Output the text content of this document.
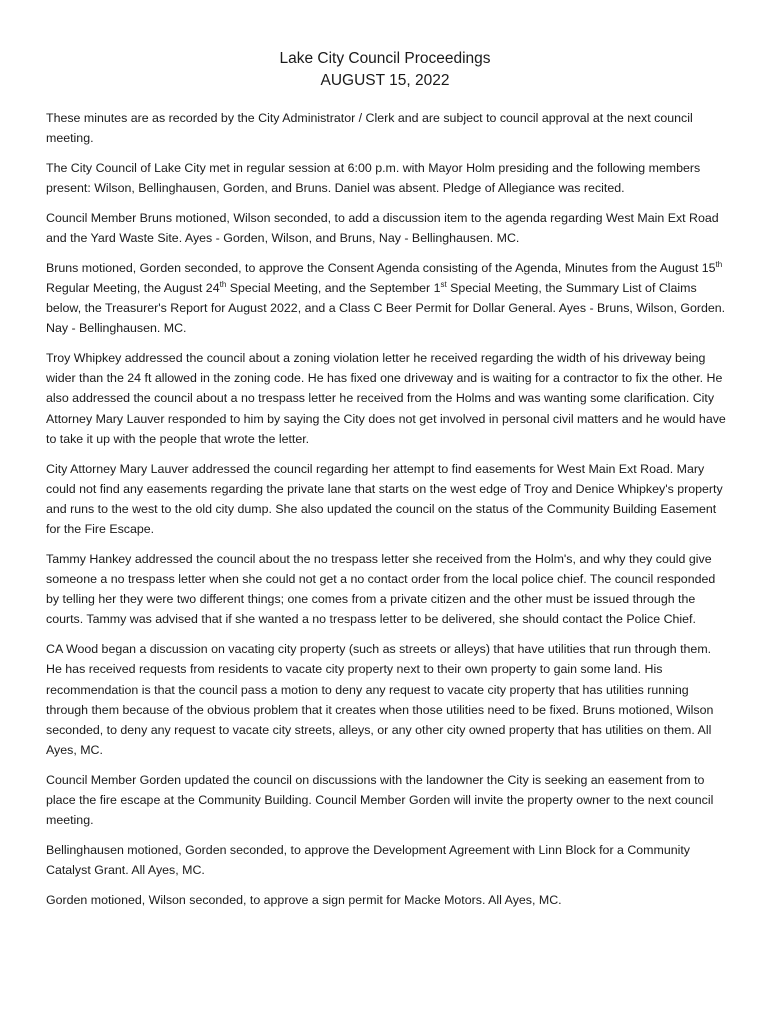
Lake City Council Proceedings
AUGUST 15, 2022

These minutes are as recorded by the City Administrator / Clerk and are subject to council approval at the next council meeting.

The City Council of Lake City met in regular session at 6:00 p.m. with Mayor Holm presiding and the following members present: Wilson, Bellinghausen, Gorden, and Bruns. Daniel was absent. Pledge of Allegiance was recited.

Council Member Bruns motioned, Wilson seconded, to add a discussion item to the agenda regarding West Main Ext Road and the Yard Waste Site. Ayes - Gorden, Wilson, and Bruns, Nay - Bellinghausen. MC.

Bruns motioned, Gorden seconded, to approve the Consent Agenda consisting of the Agenda, Minutes from the August 15th Regular Meeting, the August 24th Special Meeting, and the September 1st Special Meeting, the Summary List of Claims below, the Treasurer's Report for August 2022, and a Class C Beer Permit for Dollar General. Ayes - Bruns, Wilson, Gorden. Nay - Bellinghausen. MC.

Troy Whipkey addressed the council about a zoning violation letter he received regarding the width of his driveway being wider than the 24 ft allowed in the zoning code. He has fixed one driveway and is waiting for a contractor to fix the other. He also addressed the council about a no trespass letter he received from the Holms and was wanting some clarification. City Attorney Mary Lauver responded to him by saying the City does not get involved in personal civil matters and he would have to take it up with the people that wrote the letter.

City Attorney Mary Lauver addressed the council regarding her attempt to find easements for West Main Ext Road. Mary could not find any easements regarding the private lane that starts on the west edge of Troy and Denice Whipkey's property and runs to the west to the old city dump. She also updated the council on the status of the Community Building Easement for the Fire Escape.

Tammy Hankey addressed the council about the no trespass letter she received from the Holm's, and why they could give someone a no trespass letter when she could not get a no contact order from the local police chief. The council responded by telling her they were two different things; one comes from a private citizen and the other must be issued through the courts. Tammy was advised that if she wanted a no trespass letter to be delivered, she should contact the Police Chief.

CA Wood began a discussion on vacating city property (such as streets or alleys) that have utilities that run through them. He has received requests from residents to vacate city property next to their own property to gain some land. His recommendation is that the council pass a motion to deny any request to vacate city property that has utilities running through them because of the obvious problem that it creates when those utilities need to be fixed. Bruns motioned, Wilson seconded, to deny any request to vacate city streets, alleys, or any other city owned property that has utilities on them. All Ayes, MC.

Council Member Gorden updated the council on discussions with the landowner the City is seeking an easement from to place the fire escape at the Community Building. Council Member Gorden will invite the property owner to the next council meeting.

Bellinghausen motioned, Gorden seconded, to approve the Development Agreement with Linn Block for a Community Catalyst Grant. All Ayes, MC.

Gorden motioned, Wilson seconded, to approve a sign permit for Macke Motors. All Ayes, MC.
